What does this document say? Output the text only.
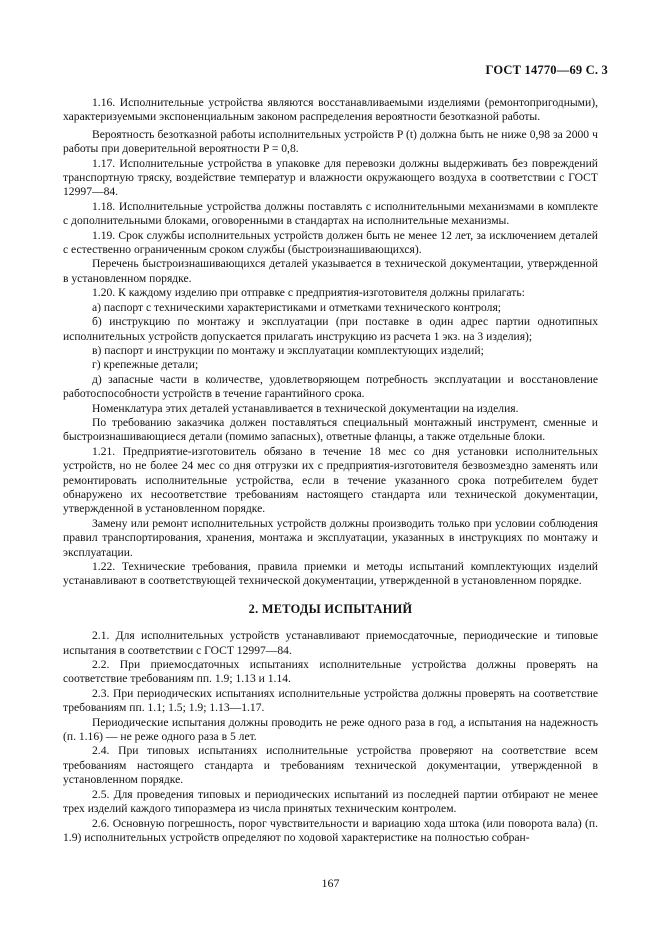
ГОСТ 14770—69 С. 3

1.16. Исполнительные устройства являются восстанавливаемыми изделиями (ремонтопригодными), характеризуемыми экспоненциальным законом распределения вероятности безотказной работы.

Вероятность безотказной работы исполнительных устройств P (t) должна быть не ниже 0,98 за 2000 ч работы при доверительной вероятности P = 0,8.

1.17. Исполнительные устройства в упаковке для перевозки должны выдерживать без повреждений транспортную тряску, воздействие температур и влажности окружающего воздуха в соответствии с ГОСТ 12997—84.

1.18. Исполнительные устройства должны поставлять с исполнительными механизмами в комплекте с дополнительными блоками, оговоренными в стандартах на исполнительные механизмы.

1.19. Срок службы исполнительных устройств должен быть не менее 12 лет, за исключением деталей с естественно ограниченным сроком службы (быстроизнашивающихся).

Перечень быстроизнашивающихся деталей указывается в технической документации, утвержденной в установленном порядке.

1.20. К каждому изделию при отправке с предприятия-изготовителя должны прилагать:

а) паспорт с техническими характеристиками и отметками технического контроля;

б) инструкцию по монтажу и эксплуатации (при поставке в один адрес партии однотипных исполнительных устройств допускается прилагать инструкцию из расчета 1 экз. на 3 изделия);

в) паспорт и инструкции по монтажу и эксплуатации комплектующих изделий;

г) крепежные детали;

д) запасные части в количестве, удовлетворяющем потребность эксплуатации и восстановление работоспособности устройств в течение гарантийного срока.

Номенклатура этих деталей устанавливается в технической документации на изделия.

По требованию заказчика должен поставляться специальный монтажный инструмент, сменные и быстроизнашивающиеся детали (помимо запасных), ответные фланцы, а также отдельные блоки.

1.21. Предприятие-изготовитель обязано в течение 18 мес со дня установки исполнительных устройств, но не более 24 мес со дня отгрузки их с предприятия-изготовителя безвозмездно заменять или ремонтировать исполнительные устройства, если в течение указанного срока потребителем будет обнаружено их несоответствие требованиям настоящего стандарта или технической документации, утвержденной в установленном порядке.

Замену или ремонт исполнительных устройств должны производить только при условии соблюдения правил транспортирования, хранения, монтажа и эксплуатации, указанных в инструкциях по монтажу и эксплуатации.

1.22. Технические требования, правила приемки и методы испытаний комплектующих изделий устанавливают в соответствующей технической документации, утвержденной в установленном порядке.

2. МЕТОДЫ ИСПЫТАНИЙ

2.1. Для исполнительных устройств устанавливают приемосдаточные, периодические и типовые испытания в соответствии с ГОСТ 12997—84.

2.2. При приемосдаточных испытаниях исполнительные устройства должны проверять на соответствие требованиям пп. 1.9; 1.13 и 1.14.

2.3. При периодических испытаниях исполнительные устройства должны проверять на соответствие требованиям пп. 1.1; 1.5; 1.9; 1.13—1.17.

Периодические испытания должны проводить не реже одного раза в год, а испытания на надежность (п. 1.16) — не реже одного раза в 5 лет.

2.4. При типовых испытаниях исполнительные устройства проверяют на соответствие всем требованиям настоящего стандарта и требованиям технической документации, утвержденной в установленном порядке.

2.5. Для проведения типовых и периодических испытаний из последней партии отбирают не менее трех изделий каждого типоразмера из числа принятых техническим контролем.

2.6. Основную погрешность, порог чувствительности и вариацию хода штока (или поворота вала) (п. 1.9) исполнительных устройств определяют по ходовой характеристике на полностью собран-

167
